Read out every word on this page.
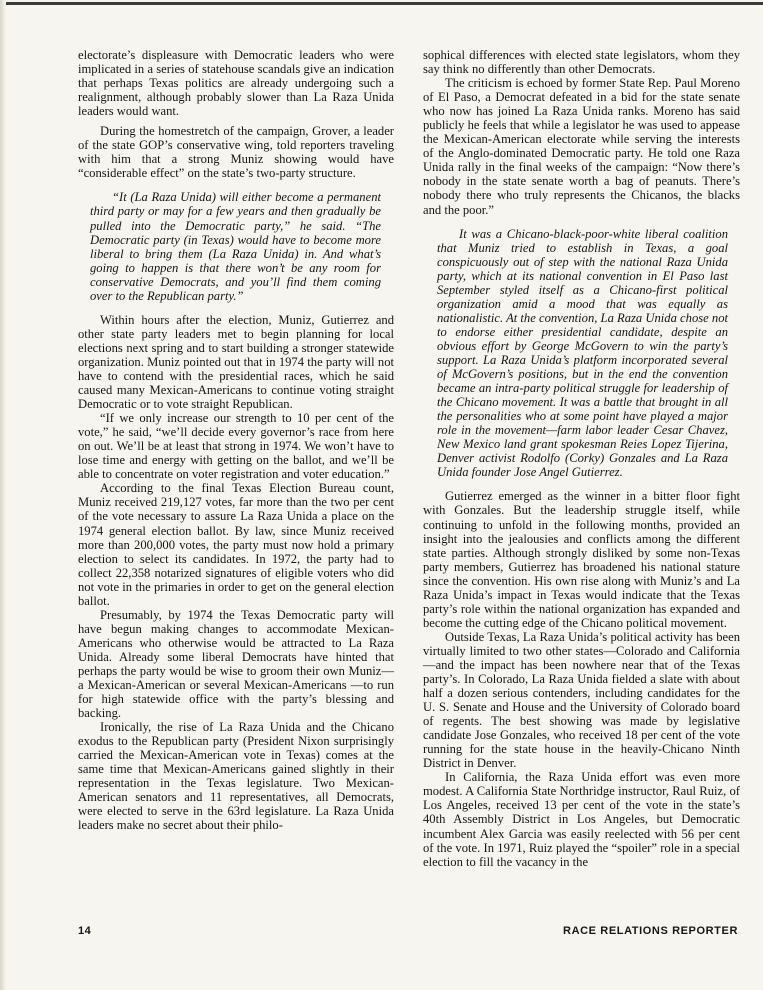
electorate’s displeasure with Democratic leaders who were implicated in a series of statehouse scandals give an indication that perhaps Texas politics are already undergoing such a realignment, although probably slower than La Raza Unida leaders would want.

During the homestretch of the campaign, Grover, a leader of the state GOP’s conservative wing, told reporters traveling with him that a strong Muniz showing would have “considerable effect” on the state’s two-party structure.

“It (La Raza Unida) will either become a permanent third party or may for a few years and then gradually be pulled into the Democratic party,” he said. “The Democratic party (in Texas) would have to become more liberal to bring them (La Raza Unida) in. And what’s going to happen is that there won’t be any room for conservative Democrats, and you’ll find them coming over to the Republican party.”

Within hours after the election, Muniz, Gutierrez and other state party leaders met to begin planning for local elections next spring and to start building a stronger statewide organization. Muniz pointed out that in 1974 the party will not have to contend with the presidential races, which he said caused many Mexican-Americans to continue voting straight Democratic or to vote straight Republican.

“If we only increase our strength to 10 per cent of the vote,” he said, “we’ll decide every governor’s race from here on out. We’ll be at least that strong in 1974. We won’t have to lose time and energy with getting on the ballot, and we’ll be able to concentrate on voter registration and voter education.”

According to the final Texas Election Bureau count, Muniz received 219,127 votes, far more than the two per cent of the vote necessary to assure La Raza Unida a place on the 1974 general election ballot. By law, since Muniz received more than 200,000 votes, the party must now hold a primary election to select its candidates. In 1972, the party had to collect 22,358 notarized signatures of eligible voters who did not vote in the primaries in order to get on the general election ballot.

Presumably, by 1974 the Texas Democratic party will have begun making changes to accommodate Mexican-Americans who otherwise would be attracted to La Raza Unida. Already some liberal Democrats have hinted that perhaps the party would be wise to groom their own Muniz—a Mexican-American or several Mexican-Americans —to run for high statewide office with the party’s blessing and backing.

Ironically, the rise of La Raza Unida and the Chicano exodus to the Republican party (President Nixon surprisingly carried the Mexican-American vote in Texas) comes at the same time that Mexican-Americans gained slightly in their representation in the Texas legislature. Two Mexican-American senators and 11 representatives, all Democrats, were elected to serve in the 63rd legislature. La Raza Unida leaders make no secret about their philo-

sophical differences with elected state legislators, whom they say think no differently than other Democrats.

The criticism is echoed by former State Rep. Paul Moreno of El Paso, a Democrat defeated in a bid for the state senate who now has joined La Raza Unida ranks. Moreno has said publicly he feels that while a legislator he was used to appease the Mexican-American electorate while serving the interests of the Anglo-dominated Democratic party. He told one Raza Unida rally in the final weeks of the campaign: “Now there’s nobody in the state senate worth a bag of peanuts. There’s nobody there who truly represents the Chicanos, the blacks and the poor.”

It was a Chicano-black-poor-white liberal coalition that Muniz tried to establish in Texas, a goal conspicuously out of step with the national Raza Unida party, which at its national convention in El Paso last September styled itself as a Chicano-first political organization amid a mood that was equally as nationalistic. At the convention, La Raza Unida chose not to endorse either presidential candidate, despite an obvious effort by George McGovern to win the party’s support. La Raza Unida’s platform incorporated several of McGovern’s positions, but in the end the convention became an intra-party political struggle for leadership of the Chicano movement. It was a battle that brought in all the personalities who at some point have played a major role in the movement—farm labor leader Cesar Chavez, New Mexico land grant spokesman Reies Lopez Tijerina, Denver activist Rodolfo (Corky) Gonzales and La Raza Unida founder Jose Angel Gutierrez.

Gutierrez emerged as the winner in a bitter floor fight with Gonzales. But the leadership struggle itself, while continuing to unfold in the following months, provided an insight into the jealousies and conflicts among the different state parties. Although strongly disliked by some non-Texas party members, Gutierrez has broadened his national stature since the convention. His own rise along with Muniz’s and La Raza Unida’s impact in Texas would indicate that the Texas party’s role within the national organization has expanded and become the cutting edge of the Chicano political movement.

Outside Texas, La Raza Unida’s political activity has been virtually limited to two other states—Colorado and California—and the impact has been nowhere near that of the Texas party’s. In Colorado, La Raza Unida fielded a slate with about half a dozen serious contenders, including candidates for the U. S. Senate and House and the University of Colorado board of regents. The best showing was made by legislative candidate Jose Gonzales, who received 18 per cent of the vote running for the state house in the heavily-Chicano Ninth District in Denver.

In California, the Raza Unida effort was even more modest. A California State Northridge instructor, Raul Ruiz, of Los Angeles, received 13 per cent of the vote in the state’s 40th Assembly District in Los Angeles, but Democratic incumbent Alex Garcia was easily reelected with 56 per cent of the vote. In 1971, Ruiz played the “spoiler” role in a special election to fill the vacancy in the

14	RACE RELATIONS REPORTER
